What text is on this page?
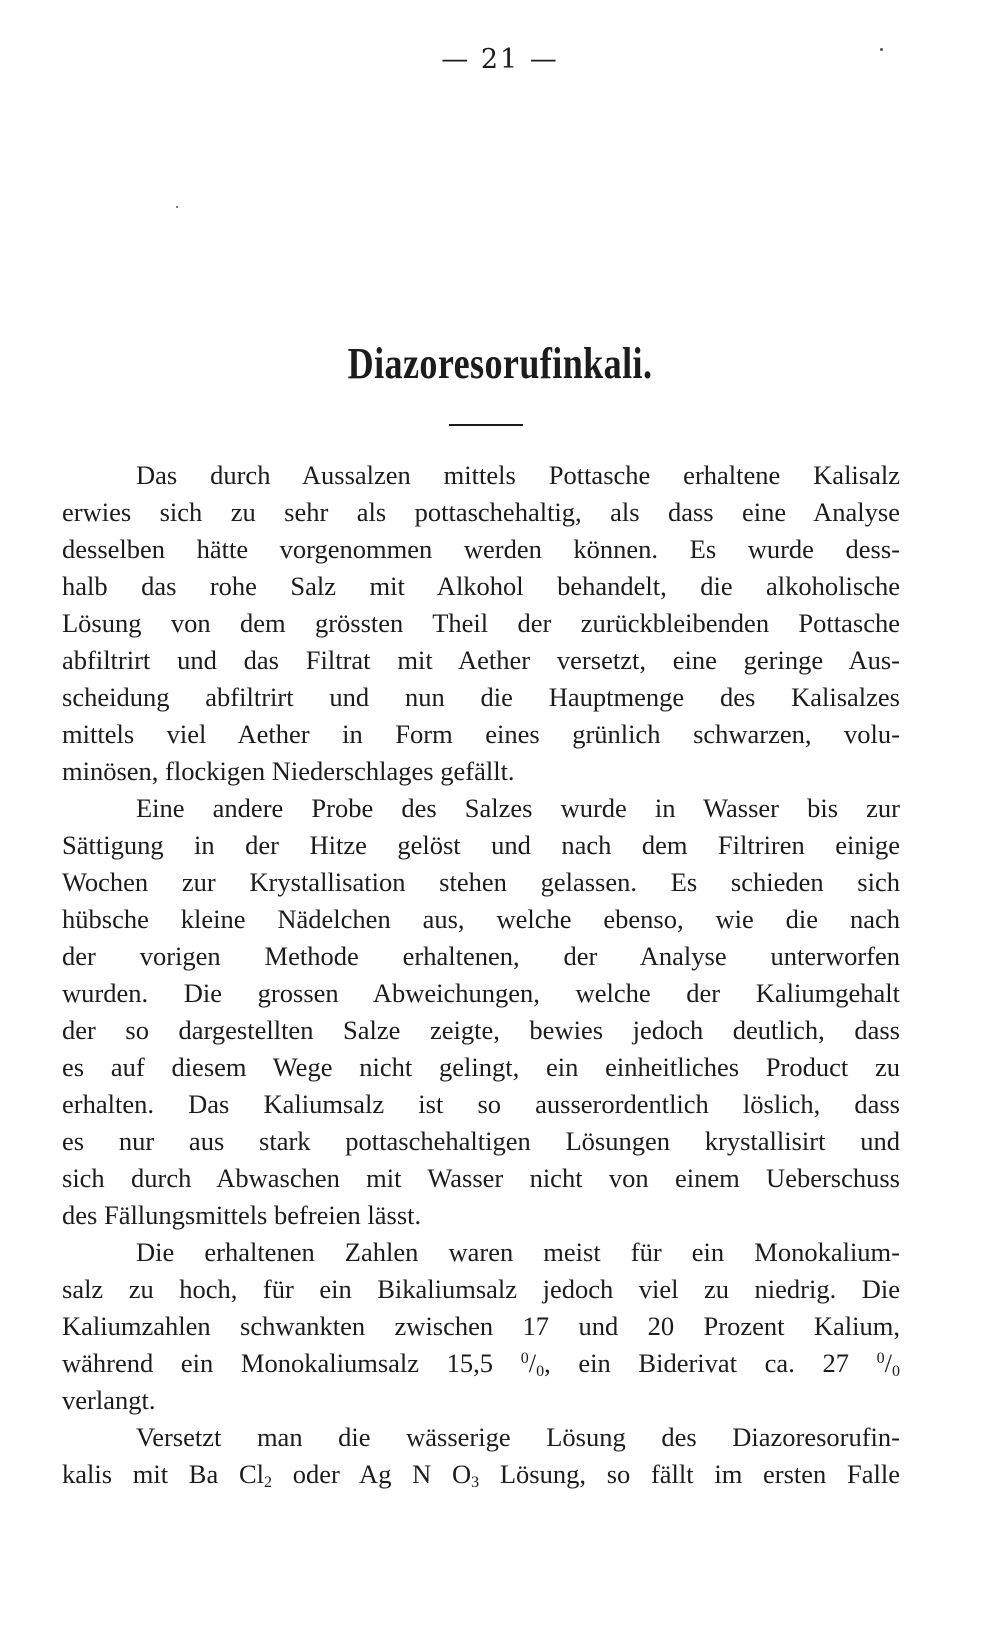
— 21 —
Diazoresorufinkali.
Das durch Aussalzen mittels Pottasche erhaltene Kalisalz
erwies sich zu sehr als pottaschehaltig, als dass eine Analyse
desselben hätte vorgenommen werden können. Es wurde dess-
halb das rohe Salz mit Alkohol behandelt, die alkoholische
Lösung von dem grössten Theil der zurückbleibenden Pottasche
abfiltrirt und das Filtrat mit Aether versetzt, eine geringe Aus-
scheidung abfiltrirt und nun die Hauptmenge des Kalisalzes
mittels viel Aether in Form eines grünlich schwarzen, volu-
minösen, flockigen Niederschlages gefällt.
Eine andere Probe des Salzes wurde in Wasser bis zur
Sättigung in der Hitze gelöst und nach dem Filtriren einige
Wochen zur Krystallisation stehen gelassen. Es schieden sich
hübsche kleine Nädelchen aus, welche ebenso, wie die nach
der vorigen Methode erhaltenen, der Analyse unterworfen
wurden. Die grossen Abweichungen, welche der Kaliumgehalt
der so dargestellten Salze zeigte, bewies jedoch deutlich, dass
es auf diesem Wege nicht gelingt, ein einheitliches Product zu
erhalten. Das Kaliumsalz ist so ausserordentlich löslich, dass
es nur aus stark pottaschehaltigen Lösungen krystallisirt und
sich durch Abwaschen mit Wasser nicht von einem Ueberschuss
des Fällungsmittels befreien lässt.
Die erhaltenen Zahlen waren meist für ein Monokalium-
salz zu hoch, für ein Bikaliumsalz jedoch viel zu niedrig. Die
Kaliumzahlen schwankten zwischen 17 und 20 Prozent Kalium,
während ein Monokaliumsalz 15,5 $^0/_0$, ein Biderivat ca. 27 $^0/_0$
verlangt.
Versetzt man die wässerige Lösung des Diazoresorufin-
kalis mit Ba $Cl_2$ oder Ag N $O_3$ Lösung, so fällt im ersten Falle
